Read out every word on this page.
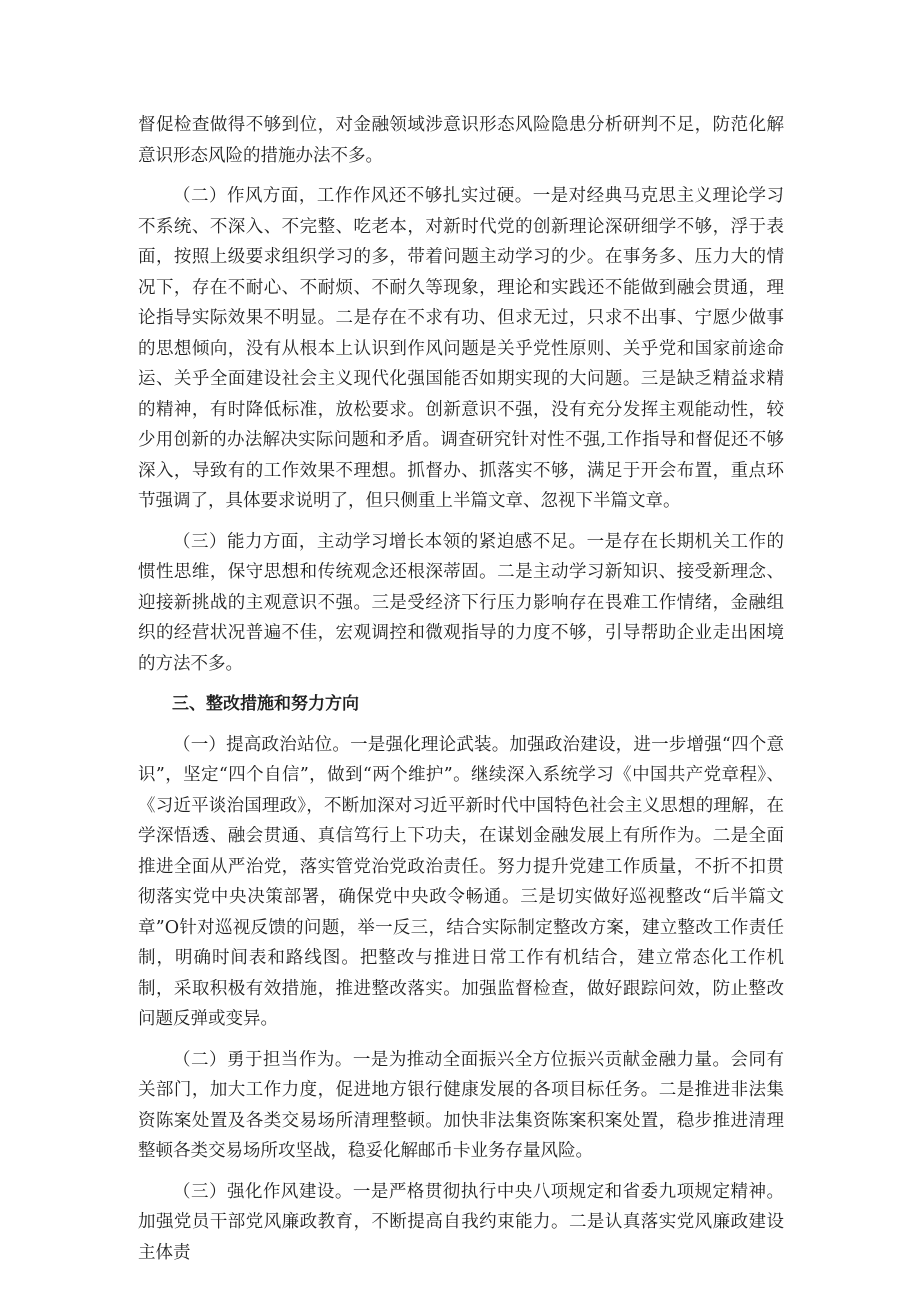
督促检查做得不够到位，对金融领域涉意识形态风险隐患分析研判不足，防范化解意识形态风险的措施办法不多。

（二）作风方面，工作作风还不够扎实过硬。一是对经典马克思主义理论学习不系统、不深入、不完整、吃老本，对新时代党的创新理论深研细学不够，浮于表面，按照上级要求组织学习的多，带着问题主动学习的少。在事务多、压力大的情况下，存在不耐心、不耐烦、不耐久等现象，理论和实践还不能做到融会贯通，理论指导实际效果不明显。二是存在不求有功、但求无过，只求不出事、宁愿少做事的思想倾向，没有从根本上认识到作风问题是关乎党性原则、关乎党和国家前途命运、关乎全面建设社会主义现代化强国能否如期实现的大问题。三是缺乏精益求精的精神，有时降低标准，放松要求。创新意识不强，没有充分发挥主观能动性，较少用创新的办法解决实际问题和矛盾。调查研究针对性不强,工作指导和督促还不够深入，导致有的工作效果不理想。抓督办、抓落实不够，满足于开会布置，重点环节强调了，具体要求说明了，但只侧重上半篇文章、忽视下半篇文章。

（三）能力方面，主动学习增长本领的紧迫感不足。一是存在长期机关工作的惯性思维，保守思想和传统观念还根深蒂固。二是主动学习新知识、接受新理念、迎接新挑战的主观意识不强。三是受经济下行压力影响存在畏难工作情绪，金融组织的经营状况普遍不佳，宏观调控和微观指导的力度不够，引导帮助企业走出困境的方法不多。

三、整改措施和努力方向

（一）提高政治站位。一是强化理论武装。加强政治建设，进一步增强“四个意识”，坚定“四个自信”，做到“两个维护”。继续深入系统学习《中国共产党章程》、《习近平谈治国理政》，不断加深对习近平新时代中国特色社会主义思想的理解，在学深悟透、融会贯通、真信笃行上下功夫，在谋划金融发展上有所作为。二是全面推进全面从严治党，落实管党治党政治责任。努力提升党建工作质量，不折不扣贯彻落实党中央决策部署，确保党中央政令畅通。三是切实做好巡视整改“后半篇文章”O针对巡视反馈的问题，举一反三，结合实际制定整改方案，建立整改工作责任制，明确时间表和路线图。把整改与推进日常工作有机结合，建立常态化工作机制，采取积极有效措施，推进整改落实。加强监督检查，做好跟踪问效，防止整改问题反弹或变异。

（二）勇于担当作为。一是为推动全面振兴全方位振兴贡献金融力量。会同有关部门，加大工作力度，促进地方银行健康发展的各项目标任务。二是推进非法集资陈案处置及各类交易场所清理整顿。加快非法集资陈案积案处置，稳步推进清理整顿各类交易场所攻坚战，稳妥化解邮币卡业务存量风险。

（三）强化作风建设。一是严格贯彻执行中央八项规定和省委九项规定精神。加强党员干部党风廉政教育，不断提高自我约束能力。二是认真落实党风廉政建设主体责
